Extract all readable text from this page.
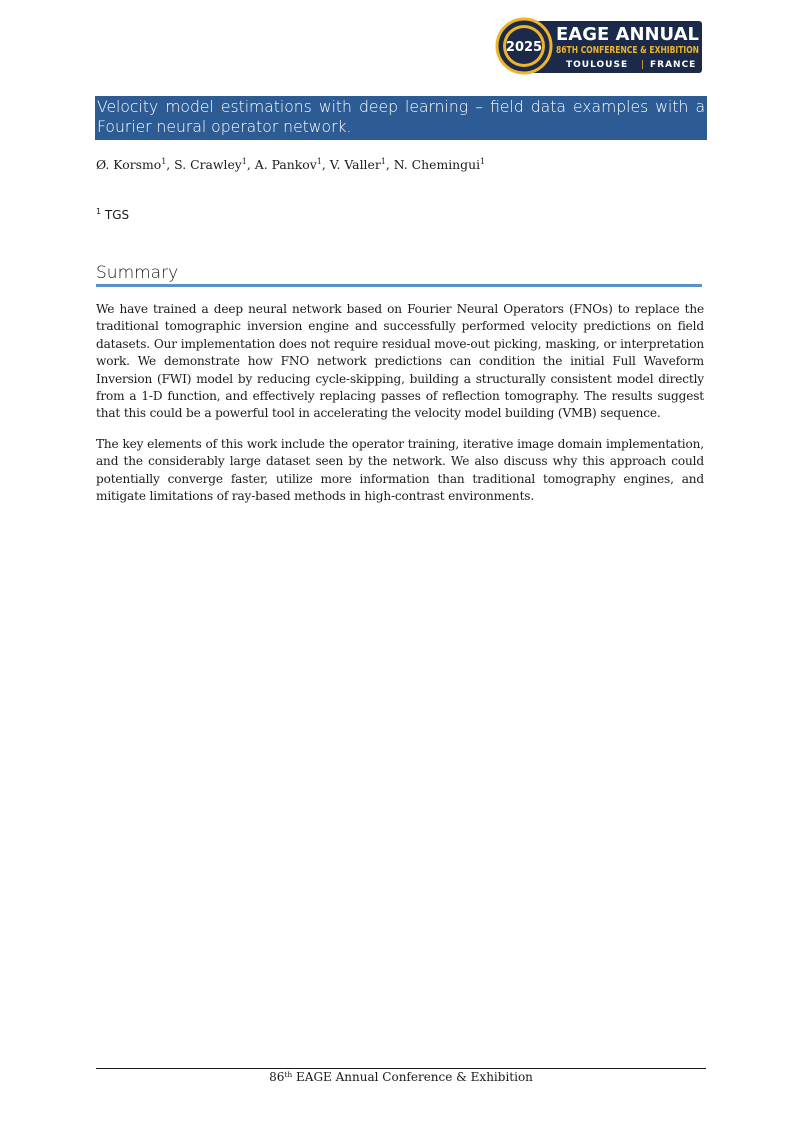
2025
EAGE ANNUAL
86TH CONFERENCE & EXHIBITION
TOULOUSE | FRANCE
Velocity model estimations with deep learning – field data examples with a Fourier neural operator network.
Ø. Korsmo$^1$, S. Crawley$^1$, A. Pankov$^1$, V. Valler$^1$, N. Chemingui$^1$
$^1$ TGS
Summary

We have trained a deep neural network based on Fourier Neural Operators (FNOs) to replace the traditional tomographic inversion engine and successfully performed velocity predictions on field datasets. Our implementation does not require residual move-out picking, masking, or interpretation work. We demonstrate how FNO network predictions can condition the initial Full Waveform Inversion (FWI) model by reducing cycle-skipping, building a structurally consistent model directly from a 1-D function, and effectively replacing passes of reflection tomography. The results suggest that this could be a powerful tool in accelerating the velocity model building (VMB) sequence.

The key elements of this work include the operator training, iterative image domain implementation, and the considerably large dataset seen by the network. We also discuss why this approach could potentially converge faster, utilize more information than traditional tomography engines, and mitigate limitations of ray-based methods in high-contrast environments.

86th EAGE Annual Conference & Exhibition
